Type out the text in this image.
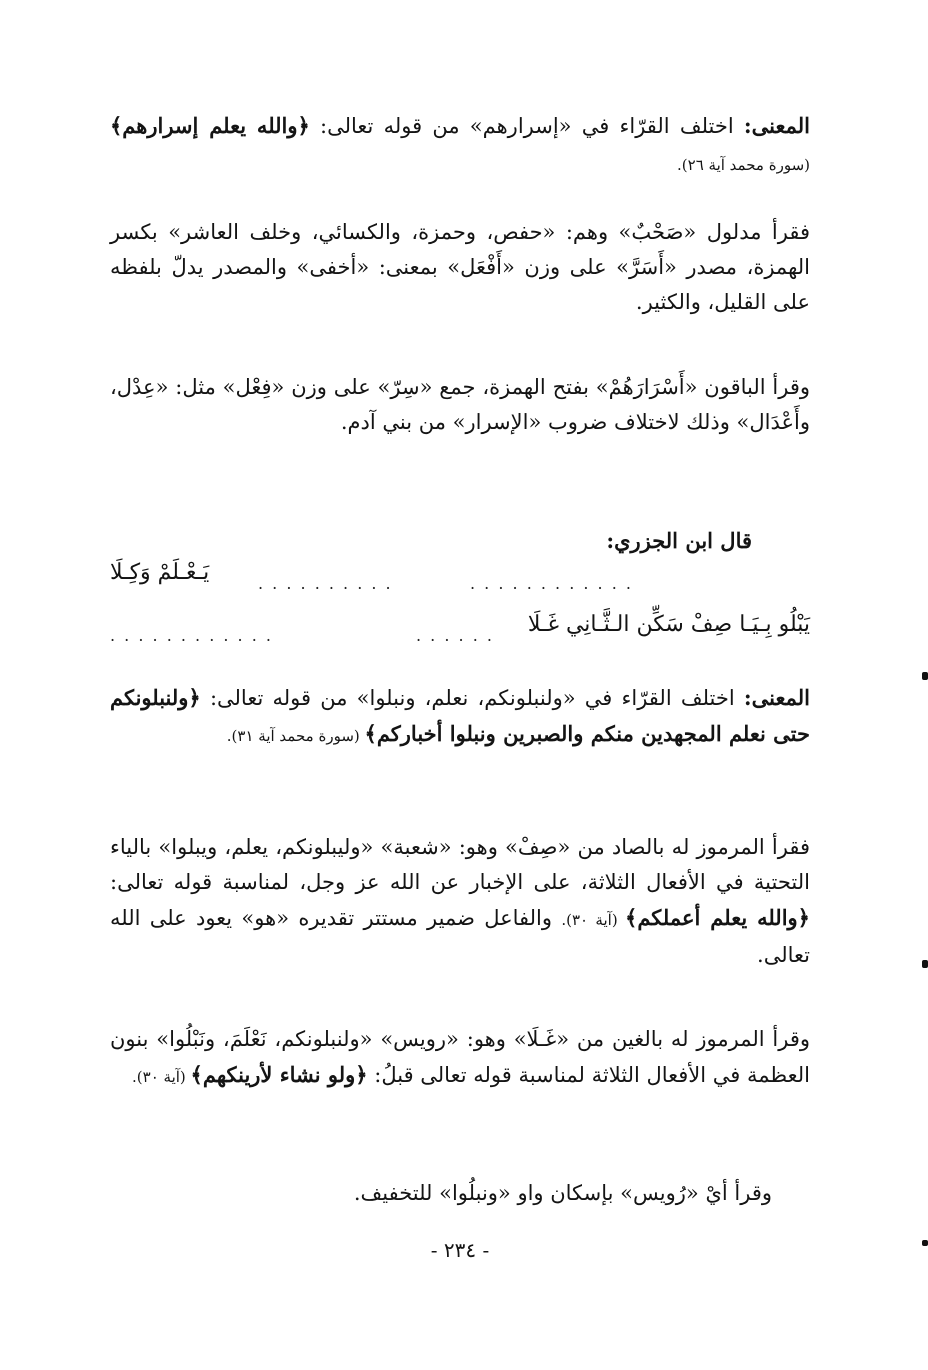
المعنى: اختلف القرّاء في «إسرارهم» من قوله تعالى: ﴿والله يعلم إسرارهم﴾ (سورة محمد آية ٢٦).

فقرأ مدلول «صَحْبٌ» وهم: «حفص، وحمزة، والكسائي، وخلف العاشر» بكسر الهمزة، مصدر «أَسَرَّ» على وزن «أَفْعَل» بمعنى: «أخفى» والمصدر يدلّ بلفظه على القليل، والكثير.

وقرأ الباقون «أَسْرَارَهُمْ» بفتح الهمزة، جمع «سِرّ» على وزن «فِعْل» مثل: «عِدْل، وأَعْدَال» وذلك لاختلاف ضروب «الإسرار» من بني آدم.

قال ابن الجزري:
يَـعْـلَمْ وَكِـلَا	. . . . . . . . . .	. . . . . . . . . . . .
يَبْلُو بِـيَـا صِفْ سَكِّن الـثَّـانِي غَـلَا
. . . . . .
. . . . . . . . . . . .

المعنى: اختلف القرّاء في «ولنبلونكم، نعلم، ونبلوا» من قوله تعالى: ﴿ولنبلونكم حتى نعلم المجهدين منكم والصبرين ونبلوا أخباركم﴾ (سورة محمد آية ٣١).

فقرأ المرموز له بالصاد من «صِفْ» وهو: «شعبة» «وليبلونكم، يعلم، ويبلوا» بالياء التحتية في الأفعال الثلاثة، على الإخبار عن الله عز وجل، لمناسبة قوله تعالى: ﴿والله يعلم أعملكم﴾ (آية ٣٠). والفاعل ضمير مستتر تقديره «هو» يعود على الله تعالى.

وقرأ المرموز له بالغين من «غَـلَا» وهو: «رويس» «ولنبلونكم، نَعْلَمَ، ونَبْلُوا» بنون العظمة في الأفعال الثلاثة لمناسبة قوله تعالى قبلُ: ﴿ولو نشاء لأرينكهم﴾ (آية ٣٠).

وقرأ أيْ «رُويس» بإسكان واو «ونبلُوا» للتخفيف.

- ٢٣٤ -
